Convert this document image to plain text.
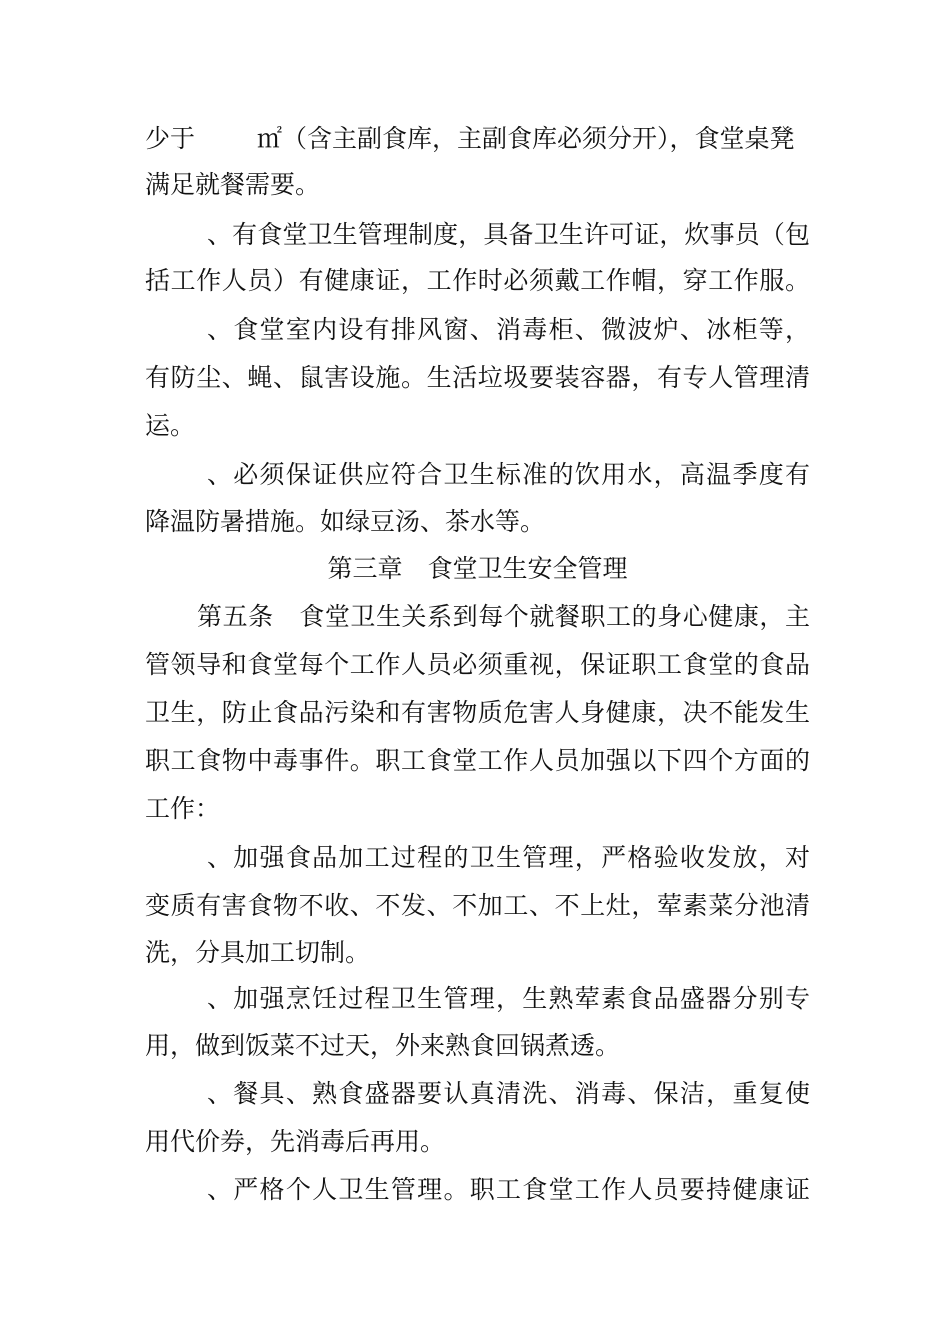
少于 ㎡（含主副食库，主副食库必须分开），食堂桌凳
满足就餐需要。
、有食堂卫生管理制度，具备卫生许可证，炊事员（包
括工作人员）有健康证，工作时必须戴工作帽，穿工作服。
、食堂室内设有排风窗、消毒柜、微波炉、冰柜等，
有防尘、蝇、鼠害设施。生活垃圾要装容器，有专人管理清
运。
、必须保证供应符合卫生标准的饮用水，高温季度有
降温防暑措施。如绿豆汤、茶水等。
第三章　食堂卫生安全管理
第五条　食堂卫生关系到每个就餐职工的身心健康，主
管领导和食堂每个工作人员必须重视，保证职工食堂的食品
卫生，防止食品污染和有害物质危害人身健康，决不能发生
职工食物中毒事件。职工食堂工作人员加强以下四个方面的
工作：
、加强食品加工过程的卫生管理，严格验收发放，对
变质有害食物不收、不发、不加工、不上灶，荤素菜分池清
洗，分具加工切制。
、加强烹饪过程卫生管理，生熟荤素食品盛器分别专
用，做到饭菜不过天，外来熟食回锅煮透。
、餐具、熟食盛器要认真清洗、消毒、保洁，重复使
用代价券，先消毒后再用。
、严格个人卫生管理。职工食堂工作人员要持健康证
